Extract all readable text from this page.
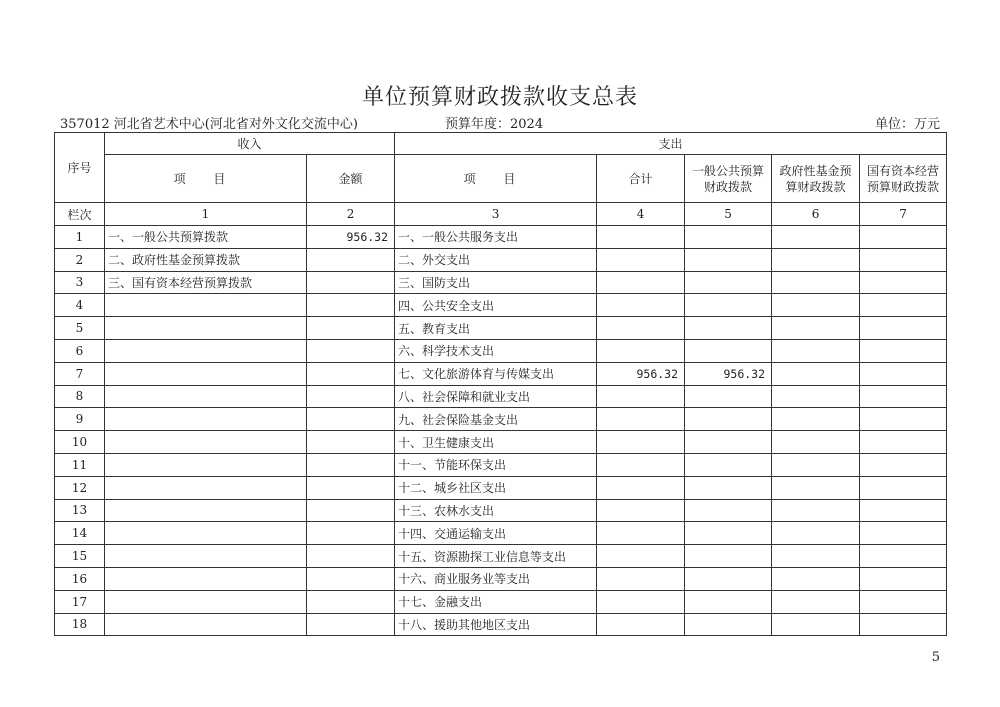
单位预算财政拨款收支总表
357012 河北省艺术中心(河北省对外文化交流中心)	预算年度：2024	单位：万元
序号	收入		支出				
	项 目	金额	项 目	合计	一般公共预算财政拨款	政府性基金预算财政拨款	国有资本经营预算财政拨款
栏次	1	2	3	4	5	6	7
1	一、一般公共预算拨款	956.32	一、一般公共服务支出				
2	二、政府性基金预算拨款		二、外交支出				
3	三、国有资本经营预算拨款		三、国防支出				
4			四、公共安全支出				
5			五、教育支出				
6			六、科学技术支出				
7			七、文化旅游体育与传媒支出	956.32	956.32		
8			八、社会保障和就业支出				
9			九、社会保险基金支出				
10			十、卫生健康支出				
11			十一、节能环保支出				
12			十二、城乡社区支出				
13			十三、农林水支出				
14			十四、交通运输支出				
15			十五、资源勘探工业信息等支出				
16			十六、商业服务业等支出				
17			十七、金融支出				
18			十八、援助其他地区支出				
5
